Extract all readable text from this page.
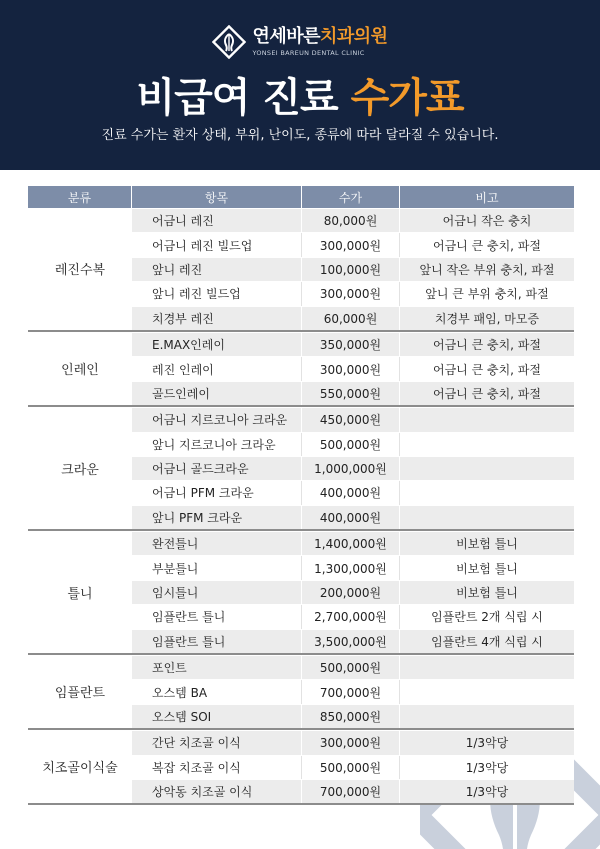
연세바른치과의원
YONSEI BAREUN DENTAL CLINIC
비급여 진료 수가표
진료 수가는 환자 상태, 부위, 난이도, 종류에 따라 달라질 수 있습니다.
분류	항목	수가	비고
레진수복
어금니 레진	80,000원	어금니 작은 충치
어금니 레진 빌드업	300,000원	어금니 큰 충치, 파절
앞니 레진	100,000원	앞니 작은 부위 충치, 파절
앞니 레진 빌드업	300,000원	앞니 큰 부위 충치, 파절
치경부 레진	60,000원	치경부 패임, 마모증
인레인
E.MAX인레이	350,000원	어금니 큰 충치, 파절
레진 인레이	300,000원	어금니 큰 충치, 파절
골드인레이	550,000원	어금니 큰 충치, 파절
크라운
어금니 지르코니아 크라운	450,000원
앞니 지르코니아 크라운	500,000원
어금니 골드크라운	1,000,000원
어금니 PFM 크라운	400,000원
앞니 PFM 크라운	400,000원
틀니
완전틀니	1,400,000원	비보험 틀니
부분틀니	1,300,000원	비보험 틀니
임시틀니	200,000원	비보험 틀니
임플란트 틀니	2,700,000원	임플란트 2개 식립 시
임플란트 틀니	3,500,000원	임플란트 4개 식립 시
임플란트
포인트	500,000원
오스템 BA	700,000원
오스템 SOI	850,000원
치조골이식술
간단 치조골 이식	300,000원	1/3악당
복잡 치조골 이식	500,000원	1/3악당
상악동 치조골 이식	700,000원	1/3악당
